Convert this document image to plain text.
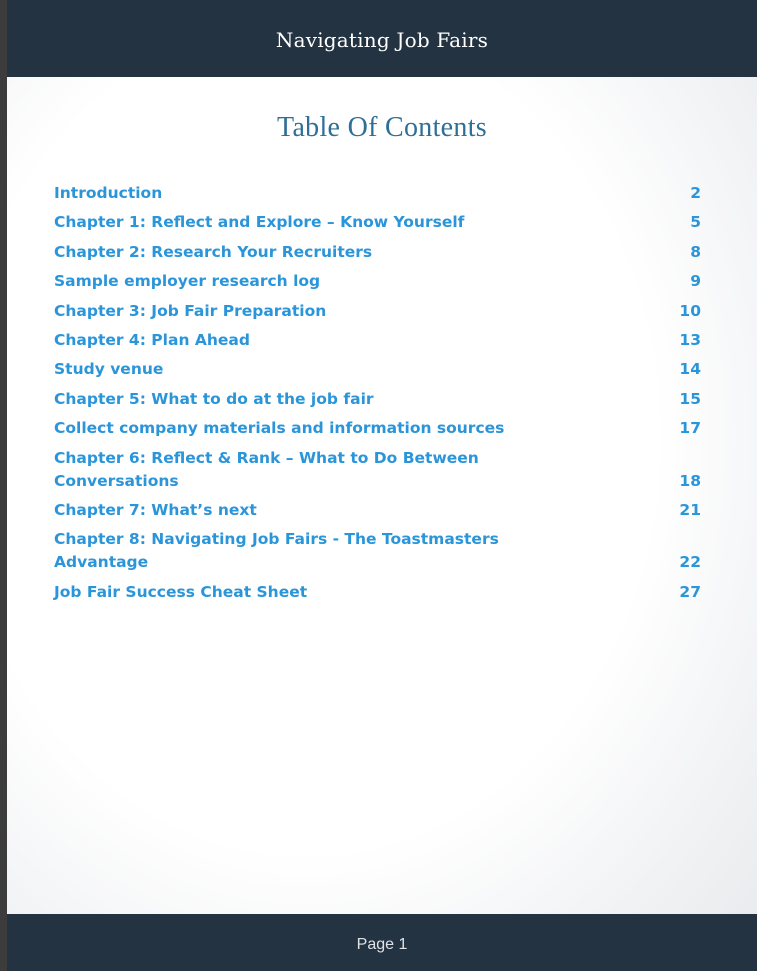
Navigating Job Fairs
Table Of Contents
Introduction	2
Chapter 1: Reflect and Explore – Know Yourself	5
Chapter 2: Research Your Recruiters	8
Sample employer research log	9
Chapter 3: Job Fair Preparation	10
Chapter 4: Plan Ahead	13
Study venue	14
Chapter 5: What to do at the job fair	15
Collect company materials and information sources	17
Chapter 6: Reflect & Rank – What to Do Between Conversations	18
Chapter 7: What’s next	21
Chapter 8: Navigating Job Fairs - The Toastmasters Advantage	22
Job Fair Success Cheat Sheet	27
Page 1
